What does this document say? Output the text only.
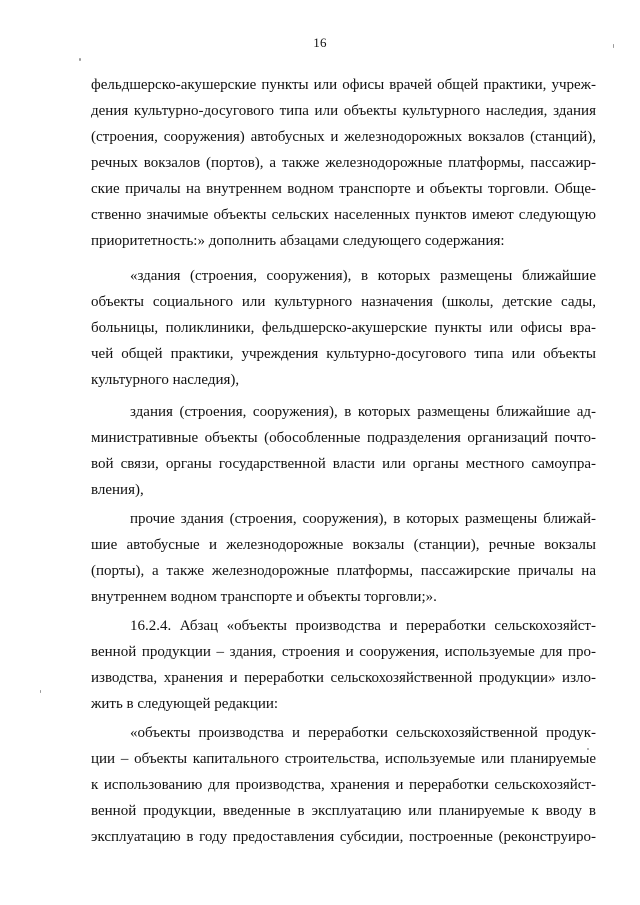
16
фельдшерско-акушерские пункты или офисы врачей общей практики, учреж-
дения культурно-досугового типа или объекты культурного наследия, здания
(строения, сооружения) автобусных и железнодорожных вокзалов (станций),
речных вокзалов (портов), а также железнодорожные платформы, пассажир-
ские причалы на внутреннем водном транспорте и объекты торговли. Обще-
ственно значимые объекты сельских населенных пунктов имеют следующую
приоритетность:» дополнить абзацами следующего содержания:
«здания (строения, сооружения), в которых размещены ближайшие
объекты социального или культурного назначения (школы, детские сады,
больницы, поликлиники, фельдшерско-акушерские пункты или офисы вра-
чей общей практики, учреждения культурно-досугового типа или объекты
культурного наследия),
здания (строения, сооружения), в которых размещены ближайшие ад-
министративные объекты (обособленные подразделения организаций почто-
вой связи, органы государственной власти или органы местного самоупра-
вления),
прочие здания (строения, сооружения), в которых размещены ближай-
шие автобусные и железнодорожные вокзалы (станции), речные вокзалы
(порты), а также железнодорожные платформы, пассажирские причалы на
внутреннем водном транспорте и объекты торговли;».
16.2.4. Абзац «объекты производства и переработки сельскохозяйст-
венной продукции – здания, строения и сооружения, используемые для про-
изводства, хранения и переработки сельскохозяйственной продукции» изло-
жить в следующей редакции:
«объекты производства и переработки сельскохозяйственной продук-
ции – объекты капитального строительства, используемые или планируемые
к использованию для производства, хранения и переработки сельскохозяйст-
венной продукции, введенные в эксплуатацию или планируемые к вводу в
эксплуатацию в году предоставления субсидии, построенные (реконструиро-
